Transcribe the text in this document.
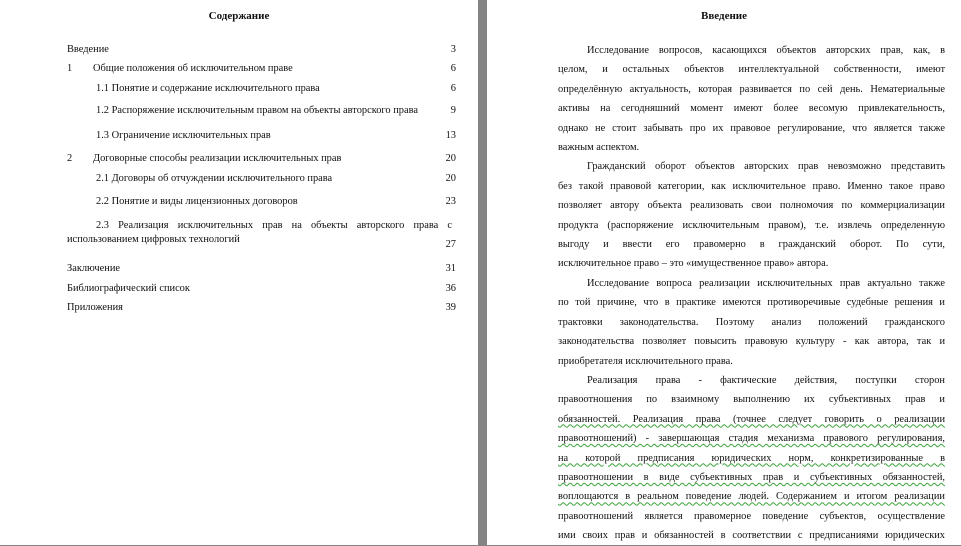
Содержание
Введение	3
1 Общие положения об исключительном праве	6
1.1 Понятие и содержание исключительного права	6
1.2 Распоряжение исключительным правом на объекты авторского права	9
1.3 Ограничение исключительных прав	13
2 Договорные способы реализации исключительных прав	20
2.1 Договоры об отчуждении исключительного права	20
2.2 Понятие и виды лицензионных договоров	23
2.3 Реализация исключительных прав на объекты авторского права с
использованием цифровых технологий	27
Заключение	31
Библиографический список	36
Приложения	39
Введение
Исследование вопросов, касающихся объектов авторских прав, как, в
целом, и остальных объектов интеллектуальной собственности, имеют
определённую актуальность, которая развивается по сей день. Нематериальные
активы на сегодняшний момент имеют более весомую привлекательность,
однако не стоит забывать про их правовое регулирование, что является также
важным аспектом.
Гражданский оборот объектов авторских прав невозможно представить
без такой правовой категории, как исключительное право. Именно такое право
позволяет автору объекта реализовать свои полномочия по коммерциализации
продукта (распоряжение исключительным правом), т.е. извлечь определенную
выгоду и ввести его правомерно в гражданский оборот. По сути,
исключительное право – это «имущественное право» автора.
Исследование вопроса реализации исключительных прав актуально также
по той причине, что в практике имеются противоречивые судебные решения и
трактовки законодательства. Поэтому анализ положений гражданского
законодательства позволяет повысить правовую культуру - как автора, так и
приобретателя исключительного права.
Реализация права - фактические действия, поступки сторон
правоотношения по взаимному выполнению их субъективных прав и
обязанностей. Реализация права (точнее следует говорить о реализации
правоотношений) - завершающая стадия механизма правового регулирования,
на которой предписания юридических норм, конкретизированные в
правоотношении в виде субъективных прав и субъективных обязанностей,
воплощаются в реальном поведение людей. Содержанием и итогом реализации
правоотношений является правомерное поведение субъектов, осуществление
ими своих прав и обязанностей в соответствии с предписаниями юридических
